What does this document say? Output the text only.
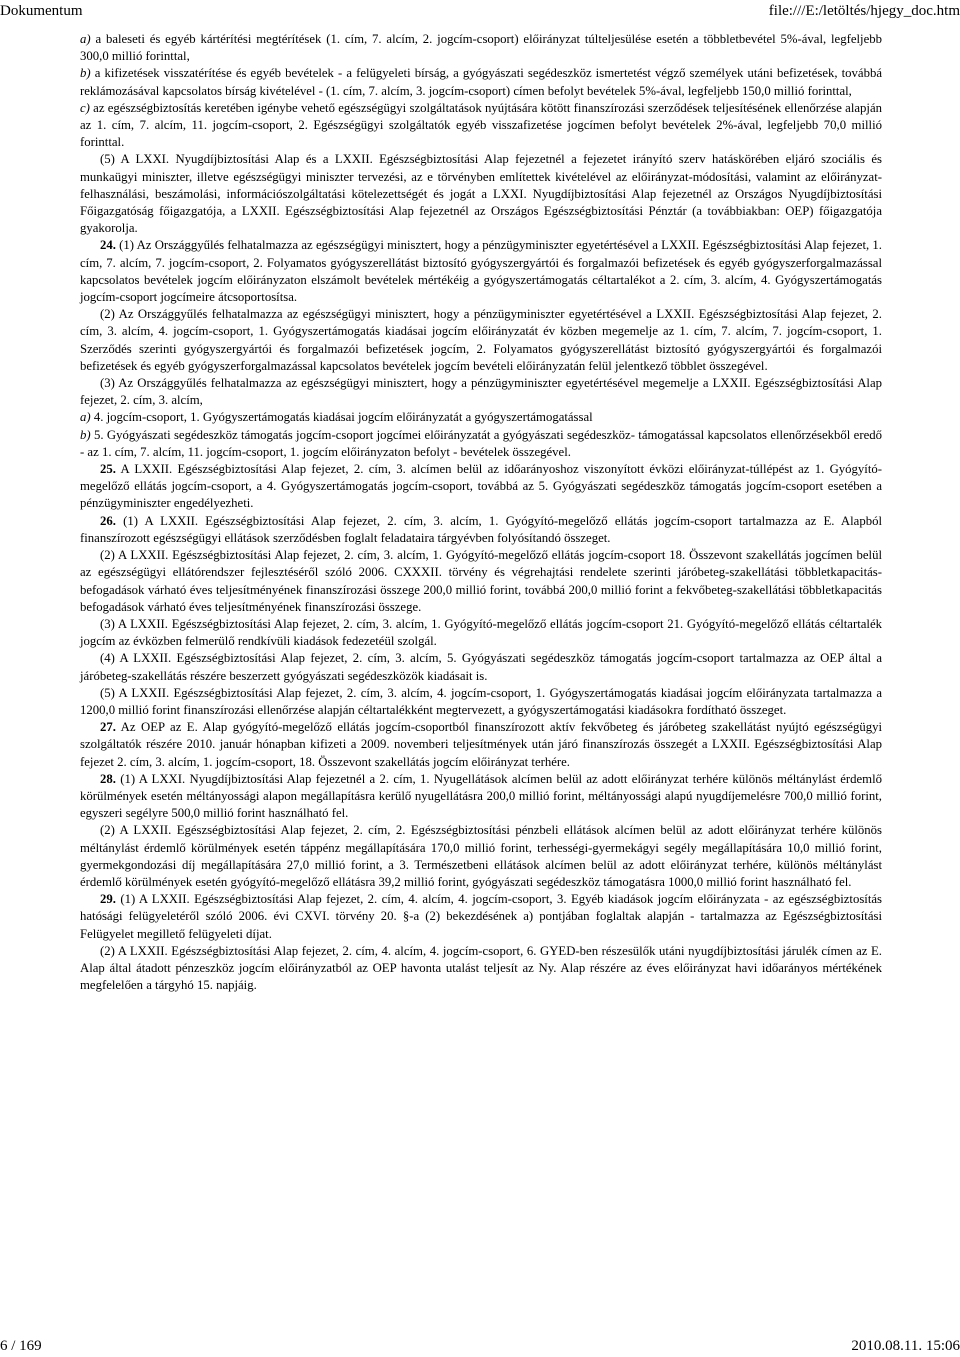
Dokumentum	file:///E:/letöltés/hjegy_doc.htm

a) a baleseti és egyéb kártérítési megtérítések (1. cím, 7. alcím, 2. jogcím-csoport) előirányzat túlteljesülése esetén a többletbevétel 5%-ával, legfeljebb 300,0 millió forinttal,

b) a kifizetések visszatérítése és egyéb bevételek - a felügyeleti bírság, a gyógyászati segédeszköz ismertetést végző személyek utáni befizetések, továbbá reklámozásával kapcsolatos bírság kivételével - (1. cím, 7. alcím, 3. jogcím-csoport) címen befolyt bevételek 5%-ával, legfeljebb 150,0 millió forinttal,

c) az egészségbiztosítás keretében igénybe vehető egészségügyi szolgáltatások nyújtására kötött finanszírozási szerződések teljesítésének ellenőrzése alapján az 1. cím, 7. alcím, 11. jogcím-csoport, 2. Egészségügyi szolgáltatók egyéb visszafizetése jogcímen befolyt bevételek 2%-ával, legfeljebb 70,0 millió forinttal.

(5) A LXXI. Nyugdíjbiztosítási Alap és a LXXII. Egészségbiztosítási Alap fejezetnél a fejezetet irányító szerv hatáskörében eljáró szociális és munkaügyi miniszter, illetve egészségügyi miniszter tervezési, az e törvényben említettek kivételével az előirányzat-módosítási, valamint az előirányzat-felhasználási, beszámolási, információszolgáltatási kötelezettségét és jogát a LXXI. Nyugdíjbiztosítási Alap fejezetnél az Országos Nyugdíjbiztosítási Főigazgatóság főigazgatója, a LXXII. Egészségbiztosítási Alap fejezetnél az Országos Egészségbiztosítási Pénztár (a továbbiakban: OEP) főigazgatója gyakorolja.

24. (1) Az Országgyűlés felhatalmazza az egészségügyi minisztert, hogy a pénzügyminiszter egyetértésével a LXXII. Egészségbiztosítási Alap fejezet, 1. cím, 7. alcím, 7. jogcím-csoport, 2. Folyamatos gyógyszerellátást biztosító gyógyszergyártói és forgalmazói befizetések és egyéb gyógyszerforgalmazással kapcsolatos bevételek jogcím előirányzaton elszámolt bevételek mértékéig a gyógyszertámogatás céltartalékot a 2. cím, 3. alcím, 4. Gyógyszertámogatás jogcím-csoport jogcímeire átcsoportosítsa.

(2) Az Országgyűlés felhatalmazza az egészségügyi minisztert, hogy a pénzügyminiszter egyetértésével a LXXII. Egészségbiztosítási Alap fejezet, 2. cím, 3. alcím, 4. jogcím-csoport, 1. Gyógyszertámogatás kiadásai jogcím előirányzatát év közben megemelje az 1. cím, 7. alcím, 7. jogcím-csoport, 1. Szerződés szerinti gyógyszergyártói és forgalmazói befizetések jogcím, 2. Folyamatos gyógyszerellátást biztosító gyógyszergyártói és forgalmazói befizetések és egyéb gyógyszerforgalmazással kapcsolatos bevételek jogcím bevételi előirányzatán felül jelentkező többlet összegével.

(3) Az Országgyűlés felhatalmazza az egészségügyi minisztert, hogy a pénzügyminiszter egyetértésével megemelje a LXXII. Egészségbiztosítási Alap fejezet, 2. cím, 3. alcím,

a) 4. jogcím-csoport, 1. Gyógyszertámogatás kiadásai jogcím előirányzatát a gyógyszertámogatással

b) 5. Gyógyászati segédeszköz támogatás jogcím-csoport jogcímei előirányzatát a gyógyászati segédeszköz- támogatással kapcsolatos ellenőrzésekből eredő - az 1. cím, 7. alcím, 11. jogcím-csoport, 1. jogcím előirányzaton befolyt - bevételek összegével.

25. A LXXII. Egészségbiztosítási Alap fejezet, 2. cím, 3. alcímen belül az időarányoshoz viszonyított évközi előirányzat-túllépést az 1. Gyógyító-megelőző ellátás jogcím-csoport, a 4. Gyógyszertámogatás jogcím-csoport, továbbá az 5. Gyógyászati segédeszköz támogatás jogcím-csoport esetében a pénzügyminiszter engedélyezheti.

26. (1) A LXXII. Egészségbiztosítási Alap fejezet, 2. cím, 3. alcím, 1. Gyógyító-megelőző ellátás jogcím-csoport tartalmazza az E. Alapból finanszírozott egészségügyi ellátások szerződésben foglalt feladataira tárgyévben folyósítandó összeget.

(2) A LXXII. Egészségbiztosítási Alap fejezet, 2. cím, 3. alcím, 1. Gyógyító-megelőző ellátás jogcím-csoport 18. Összevont szakellátás jogcímen belül az egészségügyi ellátórendszer fejlesztéséről szóló 2006. CXXXII. törvény és végrehajtási rendelete szerinti járóbeteg-szakellátási többletkapacitás-befogadások várható éves teljesítményének finanszírozási összege 200,0 millió forint, továbbá 200,0 millió forint a fekvőbeteg-szakellátási többletkapacitás befogadások várható éves teljesítményének finanszírozási összege.

(3) A LXXII. Egészségbiztosítási Alap fejezet, 2. cím, 3. alcím, 1. Gyógyító-megelőző ellátás jogcím-csoport 21. Gyógyító-megelőző ellátás céltartalék jogcím az évközben felmerülő rendkívüli kiadások fedezetéül szolgál.

(4) A LXXII. Egészségbiztosítási Alap fejezet, 2. cím, 3. alcím, 5. Gyógyászati segédeszköz támogatás jogcím-csoport tartalmazza az OEP által a járóbeteg-szakellátás részére beszerzett gyógyászati segédeszközök kiadásait is.

(5) A LXXII. Egészségbiztosítási Alap fejezet, 2. cím, 3. alcím, 4. jogcím-csoport, 1. Gyógyszertámogatás kiadásai jogcím előirányzata tartalmazza a 1200,0 millió forint finanszírozási ellenőrzése alapján céltartalékként megtervezett, a gyógyszertámogatási kiadásokra fordítható összeget.

27. Az OEP az E. Alap gyógyító-megelőző ellátás jogcím-csoportból finanszírozott aktív fekvőbeteg és járóbeteg szakellátást nyújtó egészségügyi szolgáltatók részére 2010. január hónapban kifizeti a 2009. novemberi teljesítmények után járó finanszírozás összegét a LXXII. Egészségbiztosítási Alap fejezet 2. cím, 3. alcím, 1. jogcím-csoport, 18. Összevont szakellátás jogcím előirányzat terhére.

28. (1) A LXXI. Nyugdíjbiztosítási Alap fejezetnél a 2. cím, 1. Nyugellátások alcímen belül az adott előirányzat terhére különös méltánylást érdemlő körülmények esetén méltányossági alapon megállapításra kerülő nyugellátásra 200,0 millió forint, méltányossági alapú nyugdíjemelésre 700,0 millió forint, egyszeri segélyre 500,0 millió forint használható fel.

(2) A LXXII. Egészségbiztosítási Alap fejezet, 2. cím, 2. Egészségbiztosítási pénzbeli ellátások alcímen belül az adott előirányzat terhére különös méltánylást érdemlő körülmények esetén táppénz megállapítására 170,0 millió forint, terhességi-gyermekágyi segély megállapítására 10,0 millió forint, gyermekgondozási díj megállapítására 27,0 millió forint, a 3. Természetbeni ellátások alcímen belül az adott előirányzat terhére, különös méltánylást érdemlő körülmények esetén gyógyító-megelőző ellátásra 39,2 millió forint, gyógyászati segédeszköz támogatásra 1000,0 millió forint használható fel.

29. (1) A LXXII. Egészségbiztosítási Alap fejezet, 2. cím, 4. alcím, 4. jogcím-csoport, 3. Egyéb kiadások jogcím előirányzata - az egészségbiztosítás hatósági felügyeletéről szóló 2006. évi CXVI. törvény 20. §-a (2) bekezdésének a) pontjában foglaltak alapján - tartalmazza az Egészségbiztosítási Felügyelet megillető felügyeleti díjat.

(2) A LXXII. Egészségbiztosítási Alap fejezet, 2. cím, 4. alcím, 4. jogcím-csoport, 6. GYED-ben részesülők utáni nyugdíjbiztosítási járulék címen az E. Alap által átadott pénzeszköz jogcím előirányzatból az OEP havonta utalást teljesít az Ny. Alap részére az éves előirányzat havi időarányos mértékének megfelelően a tárgyhó 15. napjáig.

6 / 169	2010.08.11. 15:06
